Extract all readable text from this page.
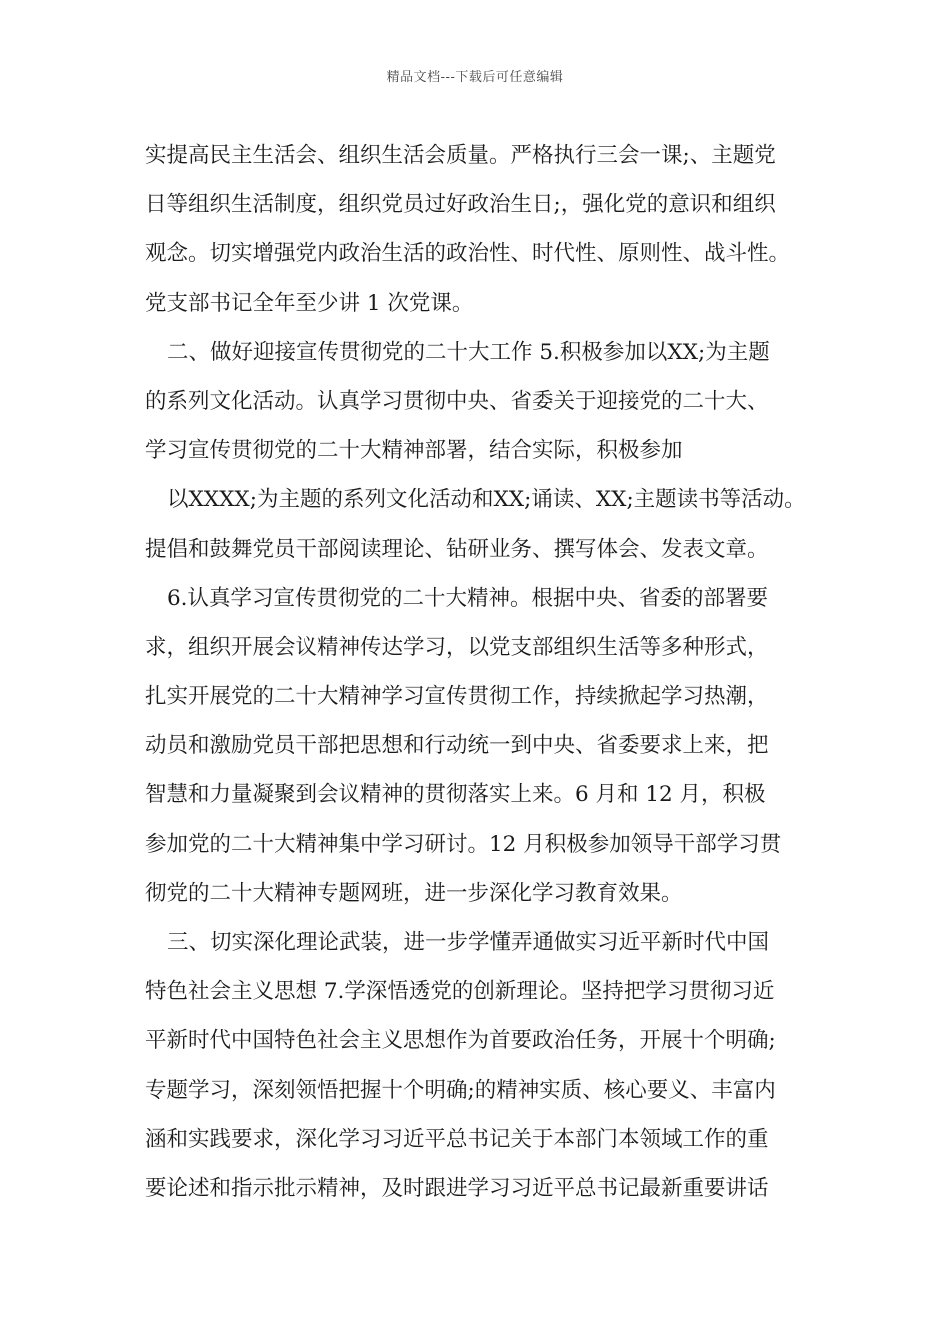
精品文档---下载后可任意编辑
实提高民主生活会、组织生活会质量。严格执行三会一课;、主题党
日等组织生活制度，组织党员过好政治生日;，强化党的意识和组织
观念。切实增强党内政治生活的政治性、时代性、原则性、战斗性。
党支部书记全年至少讲 1 次党课。
二、做好迎接宣传贯彻党的二十大工作 5.积极参加以XX;为主题
的系列文化活动。认真学习贯彻中央、省委关于迎接党的二十大、
学习宣传贯彻党的二十大精神部署，结合实际，积极参加
以XXXX;为主题的系列文化活动和XX;诵读、XX;主题读书等活动。
提倡和鼓舞党员干部阅读理论、钻研业务、撰写体会、发表文章。
6.认真学习宣传贯彻党的二十大精神。根据中央、省委的部署要
求，组织开展会议精神传达学习，以党支部组织生活等多种形式，
扎实开展党的二十大精神学习宣传贯彻工作，持续掀起学习热潮，
动员和激励党员干部把思想和行动统一到中央、省委要求上来，把
智慧和力量凝聚到会议精神的贯彻落实上来。6 月和 12 月，积极
参加党的二十大精神集中学习研讨。12 月积极参加领导干部学习贯
彻党的二十大精神专题网班，进一步深化学习教育效果。
三、切实深化理论武装，进一步学懂弄通做实习近平新时代中国
特色社会主义思想 7.学深悟透党的创新理论。坚持把学习贯彻习近
平新时代中国特色社会主义思想作为首要政治任务，开展十个明确;
专题学习，深刻领悟把握十个明确;的精神实质、核心要义、丰富内
涵和实践要求，深化学习习近平总书记关于本部门本领域工作的重
要论述和指示批示精神，及时跟进学习习近平总书记最新重要讲话
